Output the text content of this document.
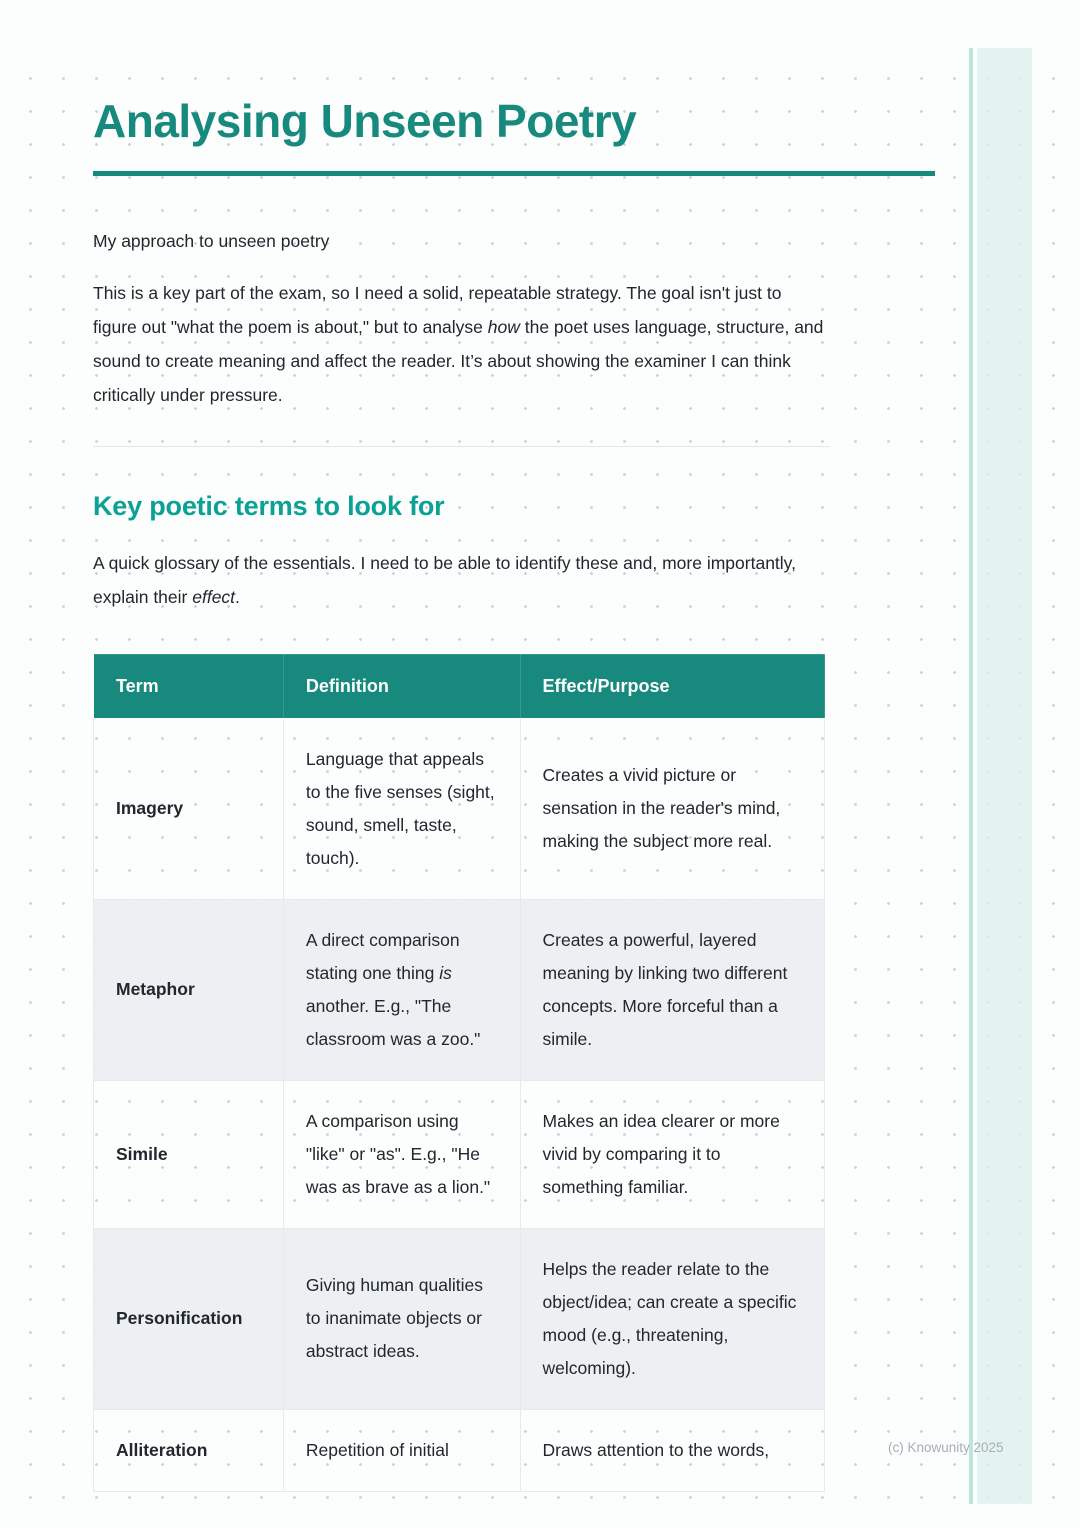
Analysing Unseen Poetry

My approach to unseen poetry

This is a key part of the exam, so I need a solid, repeatable strategy. The goal isn't just to figure out "what the poem is about," but to analyse how the poet uses language, structure, and sound to create meaning and affect the reader. It’s about showing the examiner I can think critically under pressure.

Key poetic terms to look for

A quick glossary of the essentials. I need to be able to identify these and, more importantly, explain their effect.

Term	Definition	Effect/Purpose
Imagery	Language that appeals to the five senses (sight, sound, smell, taste, touch).	Creates a vivid picture or sensation in the reader's mind, making the subject more real.
Metaphor	A direct comparison stating one thing is another. E.g., "The classroom was a zoo."	Creates a powerful, layered meaning by linking two different concepts. More forceful than a simile.
Simile	A comparison using "like" or "as". E.g., "He was as brave as a lion."	Makes an idea clearer or more vivid by comparing it to something familiar.
Personification	Giving human qualities to inanimate objects or abstract ideas.	Helps the reader relate to the object/idea; can create a specific mood (e.g., threatening, welcoming).
Alliteration	Repetition of initial	Draws attention to the words,	(c) Knowunity 2025
